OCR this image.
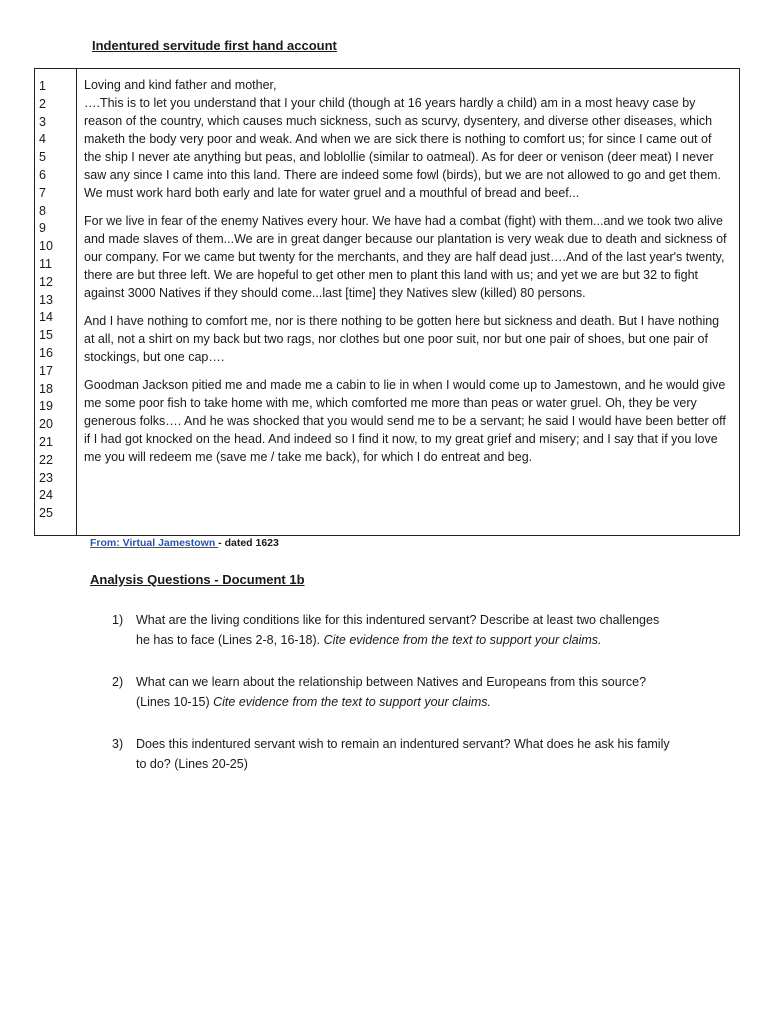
Indentured servitude first hand account
1
2
3
4
5
6
7
8
9
10
11
12
13
14
15
16
17
18
19
20
21
22
23
24
25

Loving and kind father and mother,

….This is to let you understand that I your child (though at 16 years hardly a child) am in a most heavy case by reason of the country, which causes much sickness, such as scurvy, dysentery, and diverse other diseases, which maketh the body very poor and weak. And when we are sick there is nothing to comfort us; for since I came out of the ship I never ate anything but peas, and loblollie (similar to oatmeal). As for deer or venison (deer meat) I never saw any since I came into this land. There are indeed some fowl (birds), but we are not allowed to go and get them. We must work hard both early and late for water gruel and a mouthful of bread and beef...

For we live in fear of the enemy Natives every hour. We have had a combat (fight) with them...and we took two alive and made slaves of them...We are in great danger because our plantation is very weak due to death and sickness of our company. For we came but twenty for the merchants, and they are half dead just….And of the last year's twenty, there are but three left. We are hopeful to get other men to plant this land with us; and yet we are but 32 to fight against 3000 Natives if they should come...last [time] they Natives slew (killed) 80 persons.

And I have nothing to comfort me, nor is there nothing to be gotten here but sickness and death. But I have nothing at all, not a shirt on my back but two rags, nor clothes but one poor suit, nor but one pair of shoes, but one pair of stockings, but one cap….

Goodman Jackson pitied me and made me a cabin to lie in when I would come up to Jamestown, and he would give me some poor fish to take home with me, which comforted me more than peas or water gruel. Oh, they be very generous folks…. And he was shocked that you would send me to be a servant; he said I would have been better off if I had got knocked on the head. And indeed so I find it now, to my great grief and misery; and I say that if you love me you will redeem me (save me / take me back), for which I do entreat and beg.

From: Virtual Jamestown - dated 1623
Analysis Questions - Document 1b
1) What are the living conditions like for this indentured servant? Describe at least two challenges he has to face (Lines 2-8, 16-18). Cite evidence from the text to support your claims.
2) What can we learn about the relationship between Natives and Europeans from this source? (Lines 10-15) Cite evidence from the text to support your claims.
3) Does this indentured servant wish to remain an indentured servant? What does he ask his family to do? (Lines 20-25)
